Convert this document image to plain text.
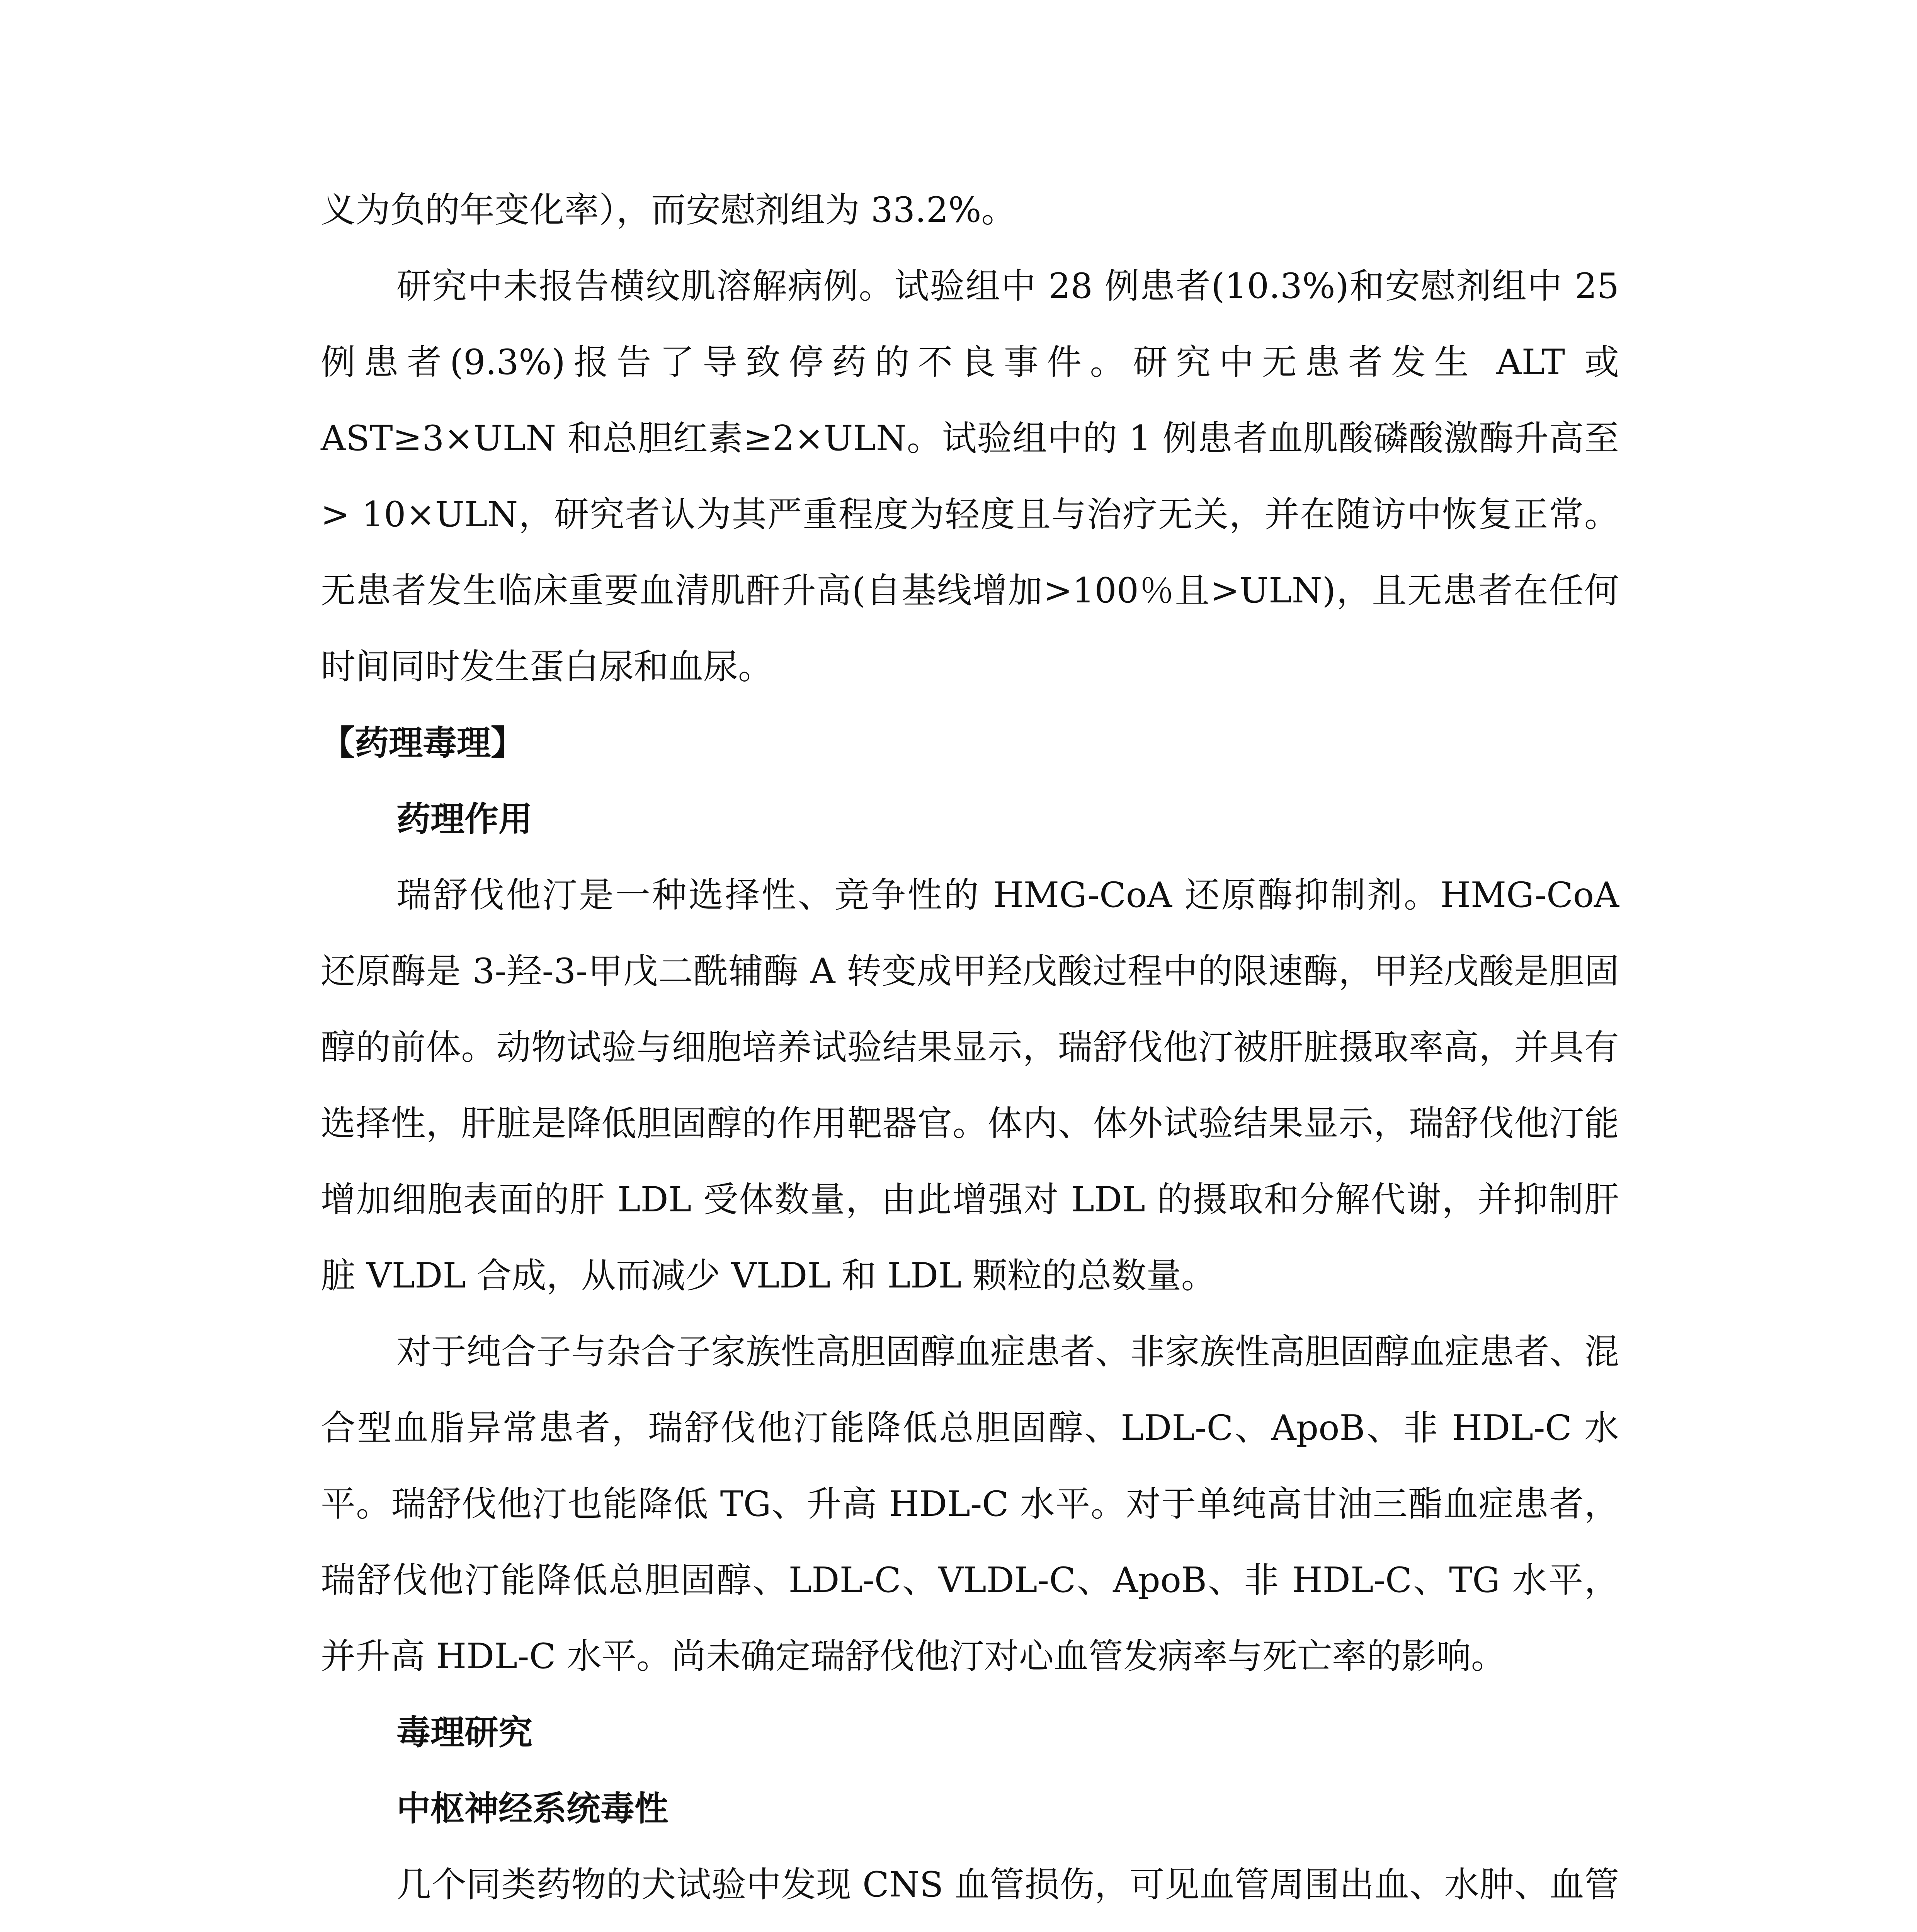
义为负的年变化率），而安慰剂组为 33.2%。

研究中未报告横纹肌溶解病例。试验组中 28 例患者(10.3%)和安慰剂组中 25 例患者(9.3%)报告了导致停药的不良事件。研究中无患者发生 ALT 或 AST≥3×ULN 和总胆红素≥2×ULN。试验组中的 1 例患者血肌酸磷酸激酶升高至> 10×ULN，研究者认为其严重程度为轻度且与治疗无关，并在随访中恢复正常。无患者发生临床重要血清肌酐升高(自基线增加>100％且>ULN)，且无患者在任何时间同时发生蛋白尿和血尿。

【药理毒理】

药理作用

瑞舒伐他汀是一种选择性、竞争性的 HMG-CoA 还原酶抑制剂。HMG-CoA 还原酶是 3-羟-3-甲戊二酰辅酶 A 转变成甲羟戊酸过程中的限速酶，甲羟戊酸是胆固醇的前体。动物试验与细胞培养试验结果显示，瑞舒伐他汀被肝脏摄取率高，并具有选择性，肝脏是降低胆固醇的作用靶器官。体内、体外试验结果显示，瑞舒伐他汀能增加细胞表面的肝 LDL 受体数量，由此增强对 LDL 的摄取和分解代谢，并抑制肝脏 VLDL 合成，从而减少 VLDL 和 LDL 颗粒的总数量。

对于纯合子与杂合子家族性高胆固醇血症患者、非家族性高胆固醇血症患者、混合型血脂异常患者，瑞舒伐他汀能降低总胆固醇、LDL-C、ApoB、非 HDL-C 水平。瑞舒伐他汀也能降低 TG、升高 HDL-C 水平。对于单纯高甘油三酯血症患者，瑞舒伐他汀能降低总胆固醇、LDL-C、VLDL-C、ApoB、非 HDL-C、TG 水平，并升高 HDL-C 水平。尚未确定瑞舒伐他汀对心血管发病率与死亡率的影响。

毒理研究

中枢神经系统毒性

几个同类药物的犬试验中发现 CNS 血管损伤，可见血管周围出血、水肿、血管
